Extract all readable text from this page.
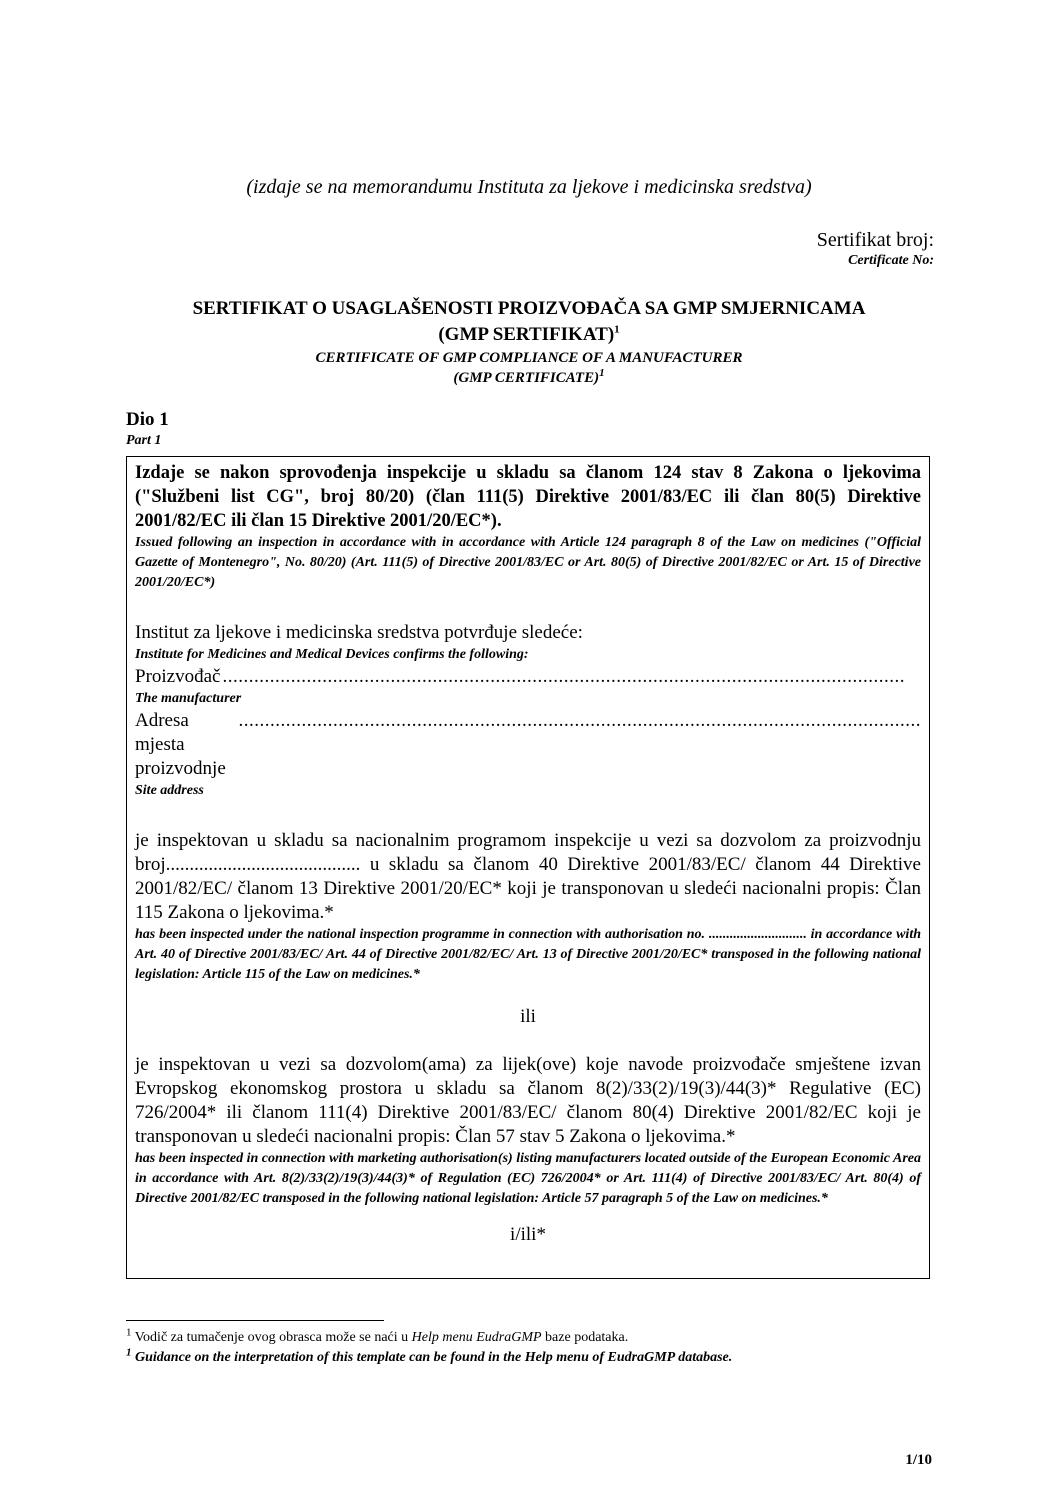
(izdaje se na memorandumu Instituta za ljekove i medicinska sredstva)
Sertifikat broj:
Certificate No:
SERTIFIKAT O USAGLAŠENOSTI PROIZVOĐAČA SA GMP SMJERNICAMA
(GMP SERTIFIKAT)$^1$
CERTIFICATE OF GMP COMPLIANCE OF A MANUFACTURER
(GMP CERTIFICATE)$^1$
Dio 1
Part 1
Izdaje se nakon sprovođenja inspekcije u skladu sa članom 124 stav 8 Zakona o ljekovima ("Službeni list CG", broj 80/20) (član 111(5) Direktive 2001/83/EC ili član 80(5) Direktive 2001/82/EC ili član 15 Direktive 2001/20/EC*).
Issued following an inspection in accordance with in accordance with Article 124 paragraph 8 of the Law on medicines ("Official Gazette of Montenegro", No. 80/20) (Art. 111(5) of Directive 2001/83/EC or Art. 80(5) of Directive 2001/82/EC or Art. 15 of Directive 2001/20/EC*)
Institut za ljekove i medicinska sredstva potvrđuje sledeće:
Institute for Medicines and Medical Devices confirms the following:
Proizvođač ..................................................................................................................................
The manufacturer
Adresa mjesta proizvodnje
..................................................................................................................................
Site address
je inspektovan u skladu sa nacionalnim programom inspekcije u vezi sa dozvolom za proizvodnju broj......................................... u skladu sa članom 40 Direktive 2001/83/EC/ članom 44 Direktive 2001/82/EC/ članom 13 Direktive 2001/20/EC* koji je transponovan u sledeći nacionalni propis: Član 115 Zakona o ljekovima.*
has been inspected under the national inspection programme in connection with authorisation no. ............................ in accordance with Art. 40 of Directive 2001/83/EC/ Art. 44 of Directive 2001/82/EC/ Art. 13 of Directive 2001/20/EC* transposed in the following national legislation: Article 115 of the Law on medicines.*
ili
je inspektovan u vezi sa dozvolom(ama) za lijek(ove) koje navode proizvođače smještene izvan Evropskog ekonomskog prostora u skladu sa članom 8(2)/33(2)/19(3)/44(3)* Regulative (EC) 726/2004* ili članom 111(4) Direktive 2001/83/EC/ članom 80(4) Direktive 2001/82/EC koji je transponovan u sledeći nacionalni propis: Član 57 stav 5 Zakona o ljekovima.*
has been inspected in connection with marketing authorisation(s) listing manufacturers located outside of the European Economic Area in accordance with Art. 8(2)/33(2)/19(3)/44(3)* of Regulation (EC) 726/2004* or Art. 111(4) of Directive 2001/83/EC/ Art. 80(4) of Directive 2001/82/EC transposed in the following national legislation: Article 57 paragraph 5 of the Law on medicines.*
i/ili*
$^1$ Vodič za tumačenje ovog obrasca može se naći u Help menu EudraGMP baze podataka.
$^1$ Guidance on the interpretation of this template can be found in the Help menu of EudraGMP database.
1/10
